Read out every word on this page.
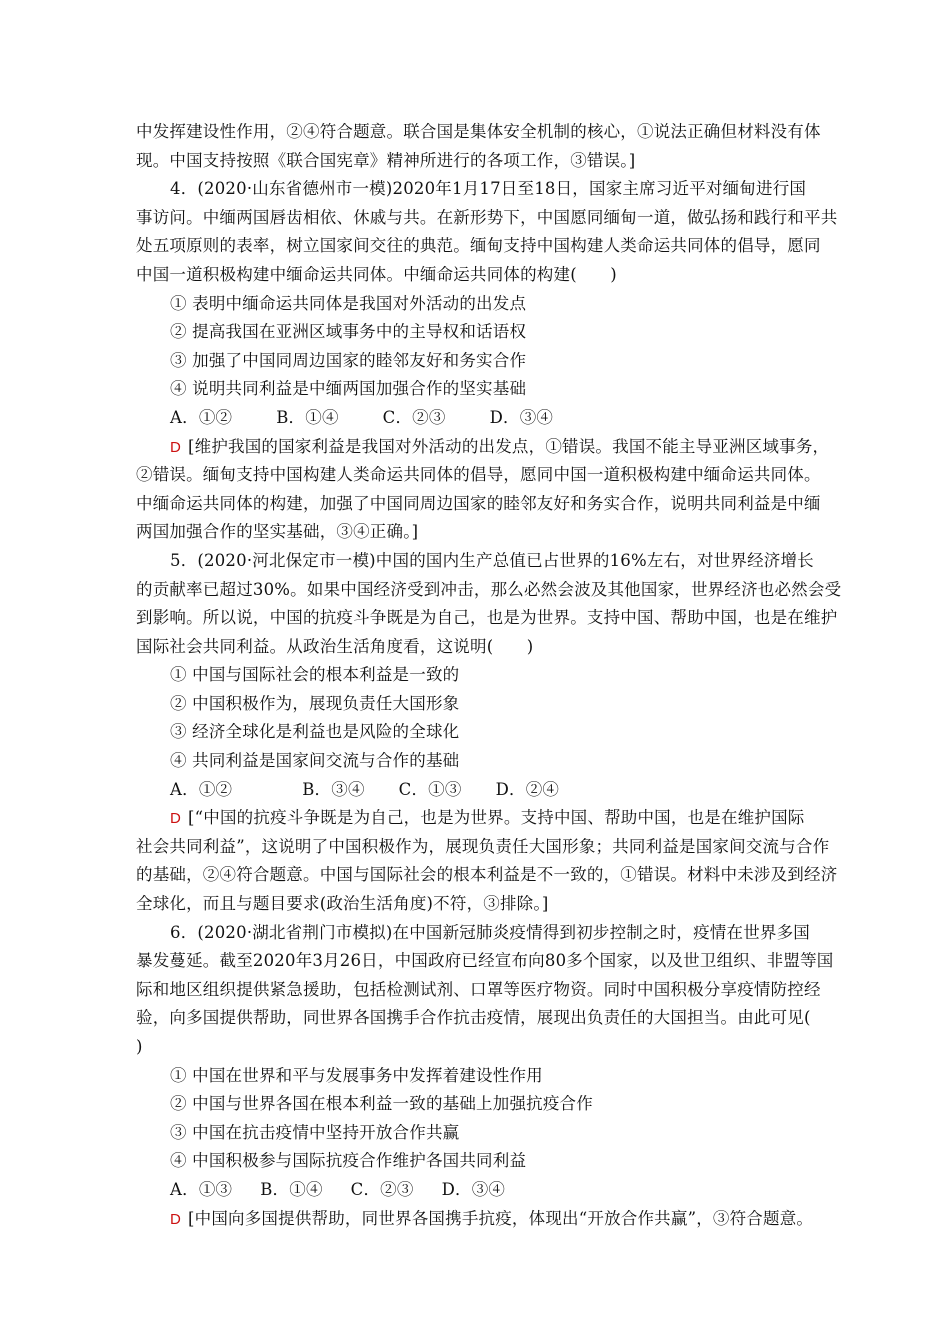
中发挥建设性作用，②④符合题意。联合国是集体安全机制的核心，①说法正确但材料没有体
现。中国支持按照《联合国宪章》精神所进行的各项工作，③错误。]
4．(2020·山东省德州市一模)2020年1月17日至18日，国家主席习近平对缅甸进行国
事访问。中缅两国唇齿相依、休戚与共。在新形势下，中国愿同缅甸一道，做弘扬和践行和平共
处五项原则的表率，树立国家间交往的典范。缅甸支持中国构建人类命运共同体的倡导，愿同
中国一道积极构建中缅命运共同体。中缅命运共同体的构建(　　)
① 表明中缅命运共同体是我国对外活动的出发点
② 提高我国在亚洲区域事务中的主导权和话语权
③ 加强了中国同周边国家的睦邻友好和务实合作
④ 说明共同利益是中缅两国加强合作的坚实基础
A．①②	B．①④	C．②③	D．③④
D [维护我国的国家利益是我国对外活动的出发点，①错误。我国不能主导亚洲区域事务，
②错误。缅甸支持中国构建人类命运共同体的倡导，愿同中国一道积极构建中缅命运共同体。
中缅命运共同体的构建，加强了中国同周边国家的睦邻友好和务实合作，说明共同利益是中缅
两国加强合作的坚实基础，③④正确。]
5．(2020·河北保定市一模)中国的国内生产总值已占世界的16%左右，对世界经济增长
的贡献率已超过30%。如果中国经济受到冲击，那么必然会波及其他国家，世界经济也必然会受
到影响。所以说，中国的抗疫斗争既是为自己，也是为世界。支持中国、帮助中国，也是在维护
国际社会共同利益。从政治生活角度看，这说明(　　)
① 中国与国际社会的根本利益是一致的
② 中国积极作为，展现负责任大国形象
③ 经济全球化是利益也是风险的全球化
④ 共同利益是国家间交流与合作的基础
A．①②	B．③④ C．①③ D．②④
D [“中国的抗疫斗争既是为自己，也是为世界。支持中国、帮助中国，也是在维护国际
社会共同利益”，这说明了中国积极作为，展现负责任大国形象；共同利益是国家间交流与合作
的基础，②④符合题意。中国与国际社会的根本利益是不一致的，①错误。材料中未涉及到经济
全球化，而且与题目要求(政治生活角度)不符，③排除。]
6．(2020·湖北省荆门市模拟)在中国新冠肺炎疫情得到初步控制之时，疫情在世界多国
暴发蔓延。截至2020年3月26日，中国政府已经宣布向80多个国家，以及世卫组织、非盟等国
际和地区组织提供紧急援助，包括检测试剂、口罩等医疗物资。同时中国积极分享疫情防控经
验，向多国提供帮助，同世界各国携手合作抗击疫情，展现出负责任的大国担当。由此可见(
)
① 中国在世界和平与发展事务中发挥着建设性作用
② 中国与世界各国在根本利益一致的基础上加强抗疫合作
③ 中国在抗击疫情中坚持开放合作共赢
④ 中国积极参与国际抗疫合作维护各国共同利益
A．①③ B．①④ C．②③ D．③④
D [中国向多国提供帮助，同世界各国携手抗疫，体现出“开放合作共赢”，③符合题意。
